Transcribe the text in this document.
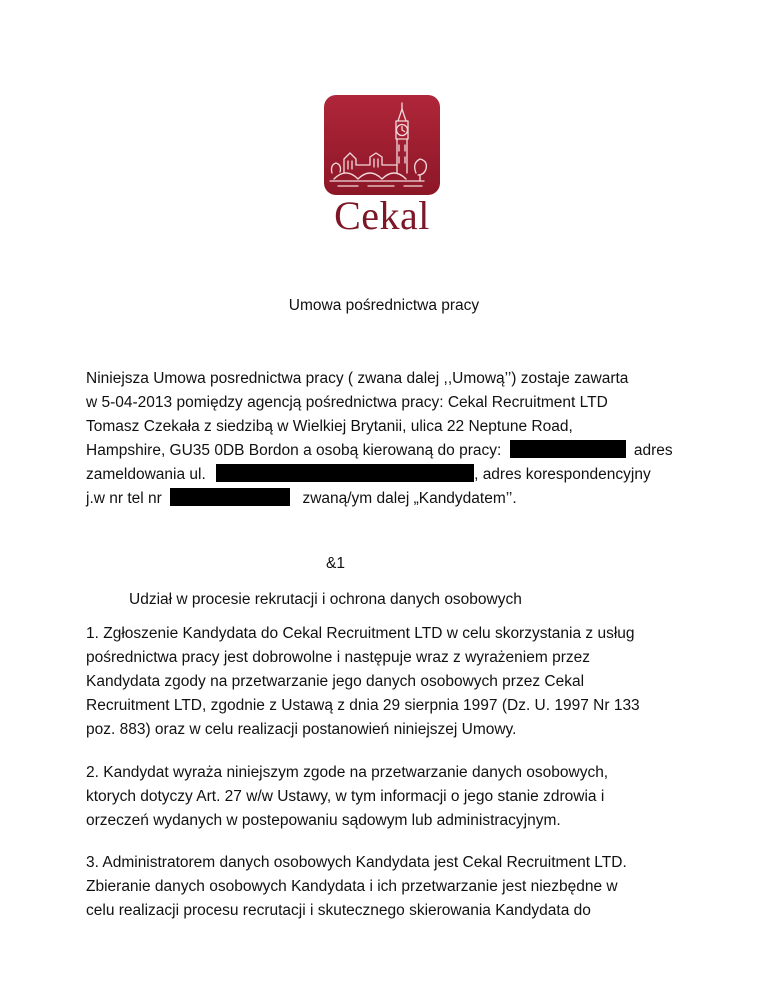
Cekal
Umowa pośrednictwa pracy
Niniejsza Umowa posrednictwa pracy ( zwana dalej ,,Umową’’) zostaje zawarta
w 5-04-2013 pomiędzy agencją pośrednictwa pracy: Cekal Recruitment LTD
Tomasz Czekała z siedzibą w Wielkiej Brytanii, ulica 22 Neptune Road,
Hampshire, GU35 0DB Bordon a osobą kierowaną do pracy:	adres
zameldowania ul.	, adres korespondencyjny
j.w nr tel nr	zwaną/ym dalej „Kandydatem’’.
&1
Udział w procesie rekrutacji i ochrona danych osobowych
1. Zgłoszenie Kandydata do Cekal Recruitment LTD w celu skorzystania z usług
pośrednictwa pracy jest dobrowolne i następuje wraz z wyrażeniem przez
Kandydata zgody na przetwarzanie jego danych osobowych przez Cekal
Recruitment LTD, zgodnie z Ustawą z dnia 29 sierpnia 1997 (Dz. U. 1997 Nr 133
poz. 883) oraz w celu realizacji postanowień niniejszej Umowy.
2. Kandydat wyraża niniejszym zgode na przetwarzanie danych osobowych,
ktorych dotyczy Art. 27 w/w Ustawy, w tym informacji o jego stanie zdrowia i
orzeczeń wydanych w postepowaniu sądowym lub administracyjnym.
3. Administratorem danych osobowych Kandydata jest Cekal Recruitment LTD.
Zbieranie danych osobowych Kandydata i ich przetwarzanie jest niezbędne w
celu realizacji procesu recrutacji i skutecznego skierowania Kandydata do
